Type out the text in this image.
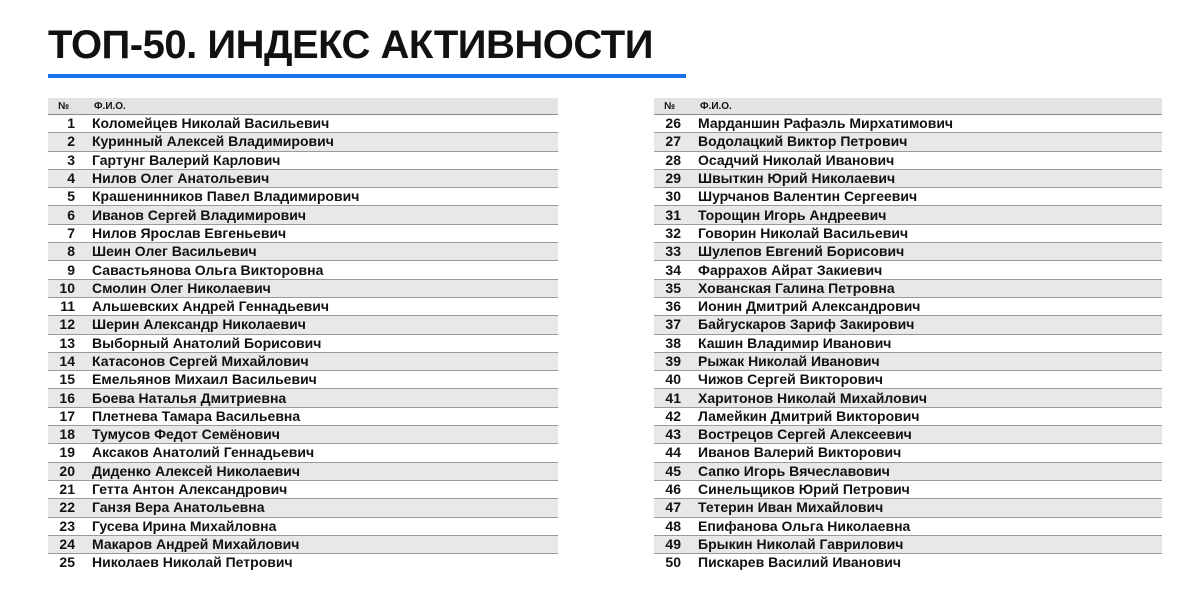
ТОП-50. ИНДЕКС АКТИВНОСТИ
№	Ф.И.О.
1	Коломейцев Николай Васильевич
2	Куринный Алексей Владимирович
3	Гартунг Валерий Карлович
4	Нилов Олег Анатольевич
5	Крашенинников Павел Владимирович
6	Иванов Сергей Владимирович
7	Нилов Ярослав Евгеньевич
8	Шеин Олег Васильевич
9	Савастьянова Ольга Викторовна
10	Смолин Олег Николаевич
11	Альшевских Андрей Геннадьевич
12	Шерин Александр Николаевич
13	Выборный Анатолий Борисович
14	Катасонов Сергей Михайлович
15	Емельянов Михаил Васильевич
16	Боева Наталья Дмитриевна
17	Плетнева Тамара Васильевна
18	Тумусов Федот Семёнович
19	Аксаков Анатолий Геннадьевич
20	Диденко Алексей Николаевич
21	Гетта Антон Александрович
22	Ганзя Вера Анатольевна
23	Гусева Ирина Михайловна
24	Макаров Андрей Михайлович
25	Николаев Николай Петрович
№	Ф.И.О.
26	Марданшин Рафаэль Мирхатимович
27	Водолацкий Виктор Петрович
28	Осадчий Николай Иванович
29	Швыткин Юрий Николаевич
30	Шурчанов Валентин Сергеевич
31	Торощин Игорь Андреевич
32	Говорин Николай Васильевич
33	Шулепов Евгений Борисович
34	Фаррахов Айрат Закиевич
35	Хованская Галина Петровна
36	Ионин Дмитрий Александрович
37	Байгускаров Зариф Закирович
38	Кашин Владимир Иванович
39	Рыжак Николай Иванович
40	Чижов Сергей Викторович
41	Харитонов Николай Михайлович
42	Ламейкин Дмитрий Викторович
43	Вострецов Сергей Алексеевич
44	Иванов Валерий Викторович
45	Сапко Игорь Вячеславович
46	Синельщиков Юрий Петрович
47	Тетерин Иван Михайлович
48	Епифанова Ольга Николаевна
49	Брыкин Николай Гаврилович
50	Пискарев Василий Иванович
